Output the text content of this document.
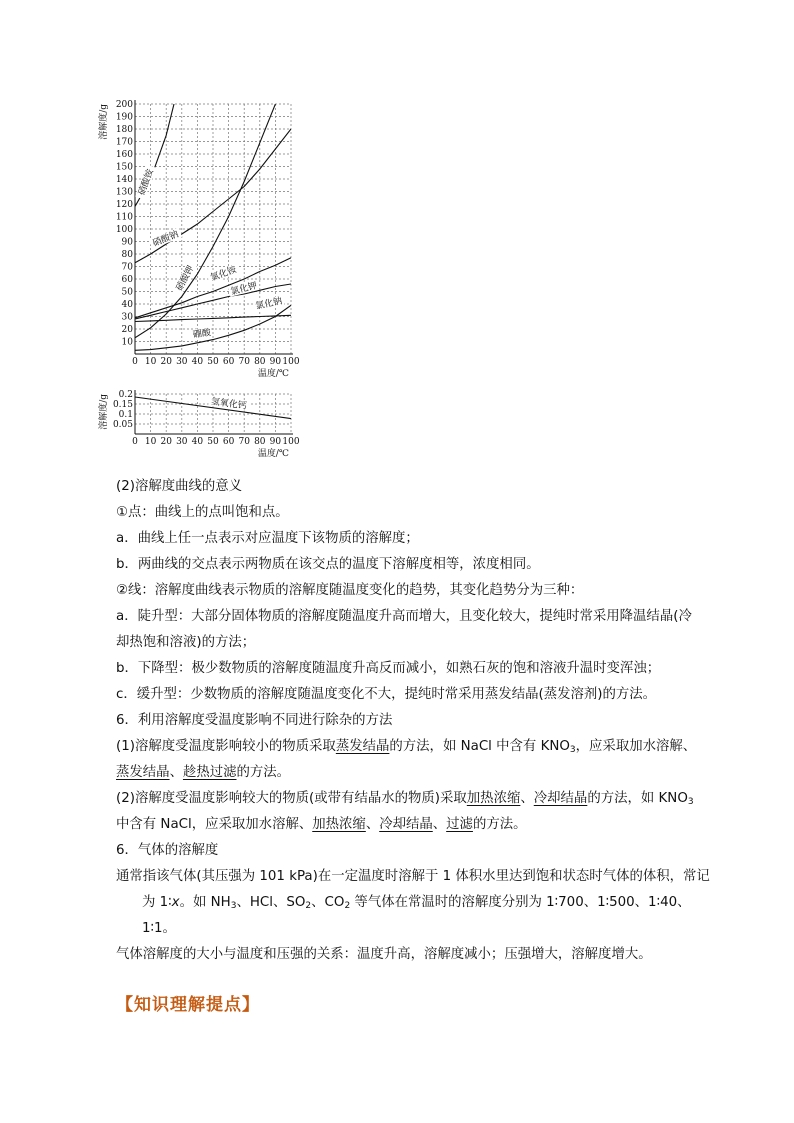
0 10 20 30 40 50 60 70 80 90 100
10
20
30
40
50
60
70
80
90
100
110
120
130
140
150
160
170
180
190
200
温度/℃
溶解度/g
硝酸铵
硝酸钠
硝酸钾 氯化铵
氯化钾
氯化钠
硼酸
0 10 20 30 40 50 60 70 80 90 100
0.05
0.1
0.15
0.2
温度/℃
溶解度/g	氢氧化钙
(2)溶解度曲线的意义
①点：曲线上的点叫饱和点。
a．曲线上任一点表示对应温度下该物质的溶解度；
b．两曲线的交点表示两物质在该交点的温度下溶解度相等，浓度相同。
②线：溶解度曲线表示物质的溶解度随温度变化的趋势，其变化趋势分为三种：
a．陡升型：大部分固体物质的溶解度随温度升高而增大，且变化较大，提纯时常采用降温结晶(冷
却热饱和溶液)的方法；
b．下降型：极少数物质的溶解度随温度升高反而减小，如熟石灰的饱和溶液升温时变浑浊；
c．缓升型：少数物质的溶解度随温度变化不大，提纯时常采用蒸发结晶(蒸发溶剂)的方法。
6．利用溶解度受温度影响不同进行除杂的方法
(1)溶解度受温度影响较小的物质采取蒸发结晶的方法，如 NaCl 中含有 $KNO_3$，应采取加水溶解、
蒸发结晶、趁热过滤的方法。
(2)溶解度受温度影响较大的物质(或带有结晶水的物质)采取加热浓缩、冷却结晶的方法，如 $KNO_3$
中含有 NaCl，应采取加水溶解、加热浓缩、冷却结晶、过滤的方法。
6．气体的溶解度
通常指该气体(其压强为 101 kPa)在一定温度时溶解于 1 体积水里达到饱和状态时气体的体积，常记
为 1∶x。如 $NH_3$、HCl、$SO_2$、$CO_2$ 等气体在常温时的溶解度分别为 1∶700、1∶500、1∶40、
1∶1。
气体溶解度的大小与温度和压强的关系：温度升高，溶解度减小；压强增大，溶解度增大。
【知识理解提点】
